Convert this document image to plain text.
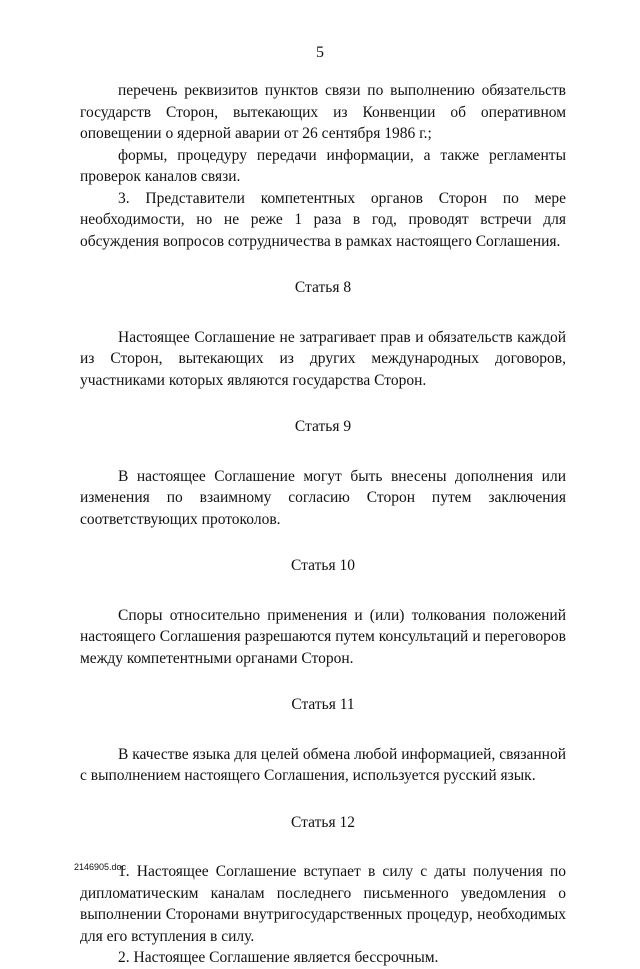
5

перечень реквизитов пунктов связи по выполнению обязательств государств Сторон, вытекающих из Конвенции об оперативном оповещении о ядерной аварии от 26 сентября 1986 г.;

формы, процедуру передачи информации, а также регламенты проверок каналов связи.

3. Представители компетентных органов Сторон по мере необходимости, но не реже 1 раза в год, проводят встречи для обсуждения вопросов сотрудничества в рамках настоящего Соглашения.

Статья 8

Настоящее Соглашение не затрагивает прав и обязательств каждой из Сторон, вытекающих из других международных договоров, участниками которых являются государства Сторон.

Статья 9

В настоящее Соглашение могут быть внесены дополнения или изменения по взаимному согласию Сторон путем заключения соответствующих протоколов.

Статья 10

Споры относительно применения и (или) толкования положений настоящего Соглашения разрешаются путем консультаций и переговоров между компетентными органами Сторон.

Статья 11

В качестве языка для целей обмена любой информацией, связанной с выполнением настоящего Соглашения, используется русский язык.

Статья 12

1. Настоящее Соглашение вступает в силу с даты получения по дипломатическим каналам последнего письменного уведомления о выполнении Сторонами внутригосударственных процедур, необходимых для его вступления в силу.

2. Настоящее Соглашение является бессрочным.

2146905.doc
